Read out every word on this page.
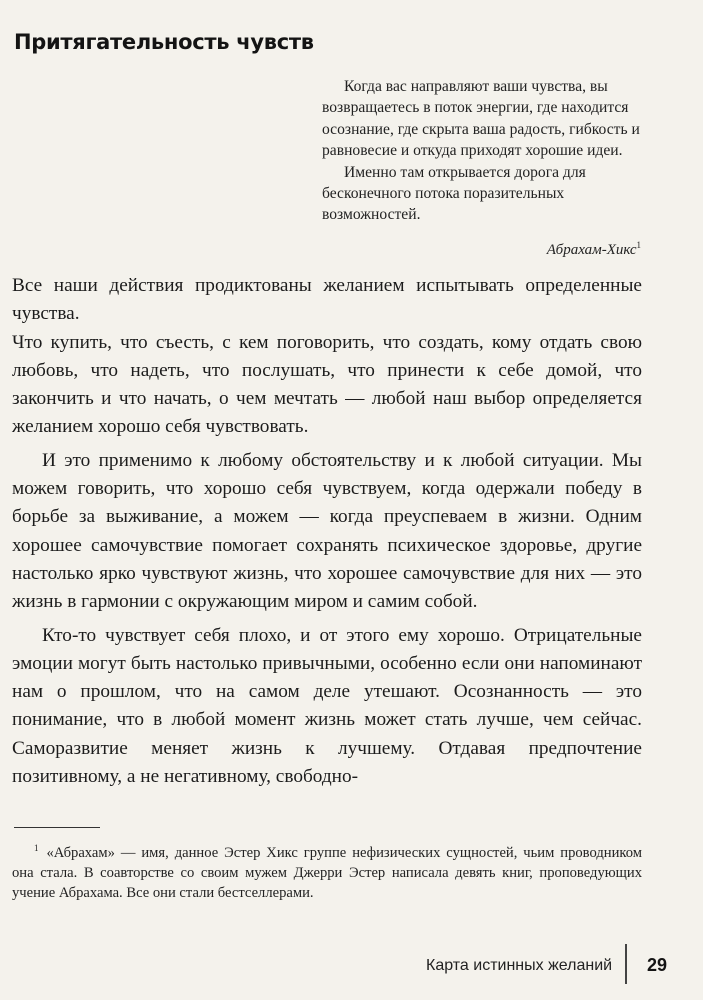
Притягательность чувств

Когда вас направляют ваши чувства, вы возвращаетесь в поток энергии, где находится осознание, где скрыта ваша радость, гибкость и равновесие и откуда приходят хорошие идеи.

Именно там открывается дорога для бесконечного потока поразительных возможностей.

Абрахам-Хикс$^1$

Все наши действия продиктованы желанием испытывать определенные чувства.

Что купить, что съесть, с кем поговорить, что создать, кому отдать свою любовь, что надеть, что послушать, что принести к себе домой, что закончить и что начать, о чем мечтать — любой наш выбор определяется желанием хорошо себя чувствовать.

И это применимо к любому обстоятельству и к любой ситуации. Мы можем говорить, что хорошо себя чувствуем, когда одержали победу в борьбе за выживание, а можем — когда преуспеваем в жизни. Одним хорошее самочувствие помогает сохранять психическое здоровье, другие настолько ярко чувствуют жизнь, что хорошее самочувствие для них — это жизнь в гармонии с окружающим миром и самим собой.

Кто-то чувствует себя плохо, и от этого ему хорошо. Отрицательные эмоции могут быть настолько привычными, особенно если они напоминают нам о прошлом, что на самом деле утешают. Осознанность — это понимание, что в любой момент жизнь может стать лучше, чем сейчас. Саморазвитие меняет жизнь к лучшему. Отдавая предпочтение позитивному, а не негативному, свободно-

$^1$ «Абрахам» — имя, данное Эстер Хикс группе нефизических сущностей, чьим проводником она стала. В соавторстве со своим мужем Джерри Эстер написала девять книг, проповедующих учение Абрахама. Все они стали бестселлерами.
Карта истинных желаний 29
